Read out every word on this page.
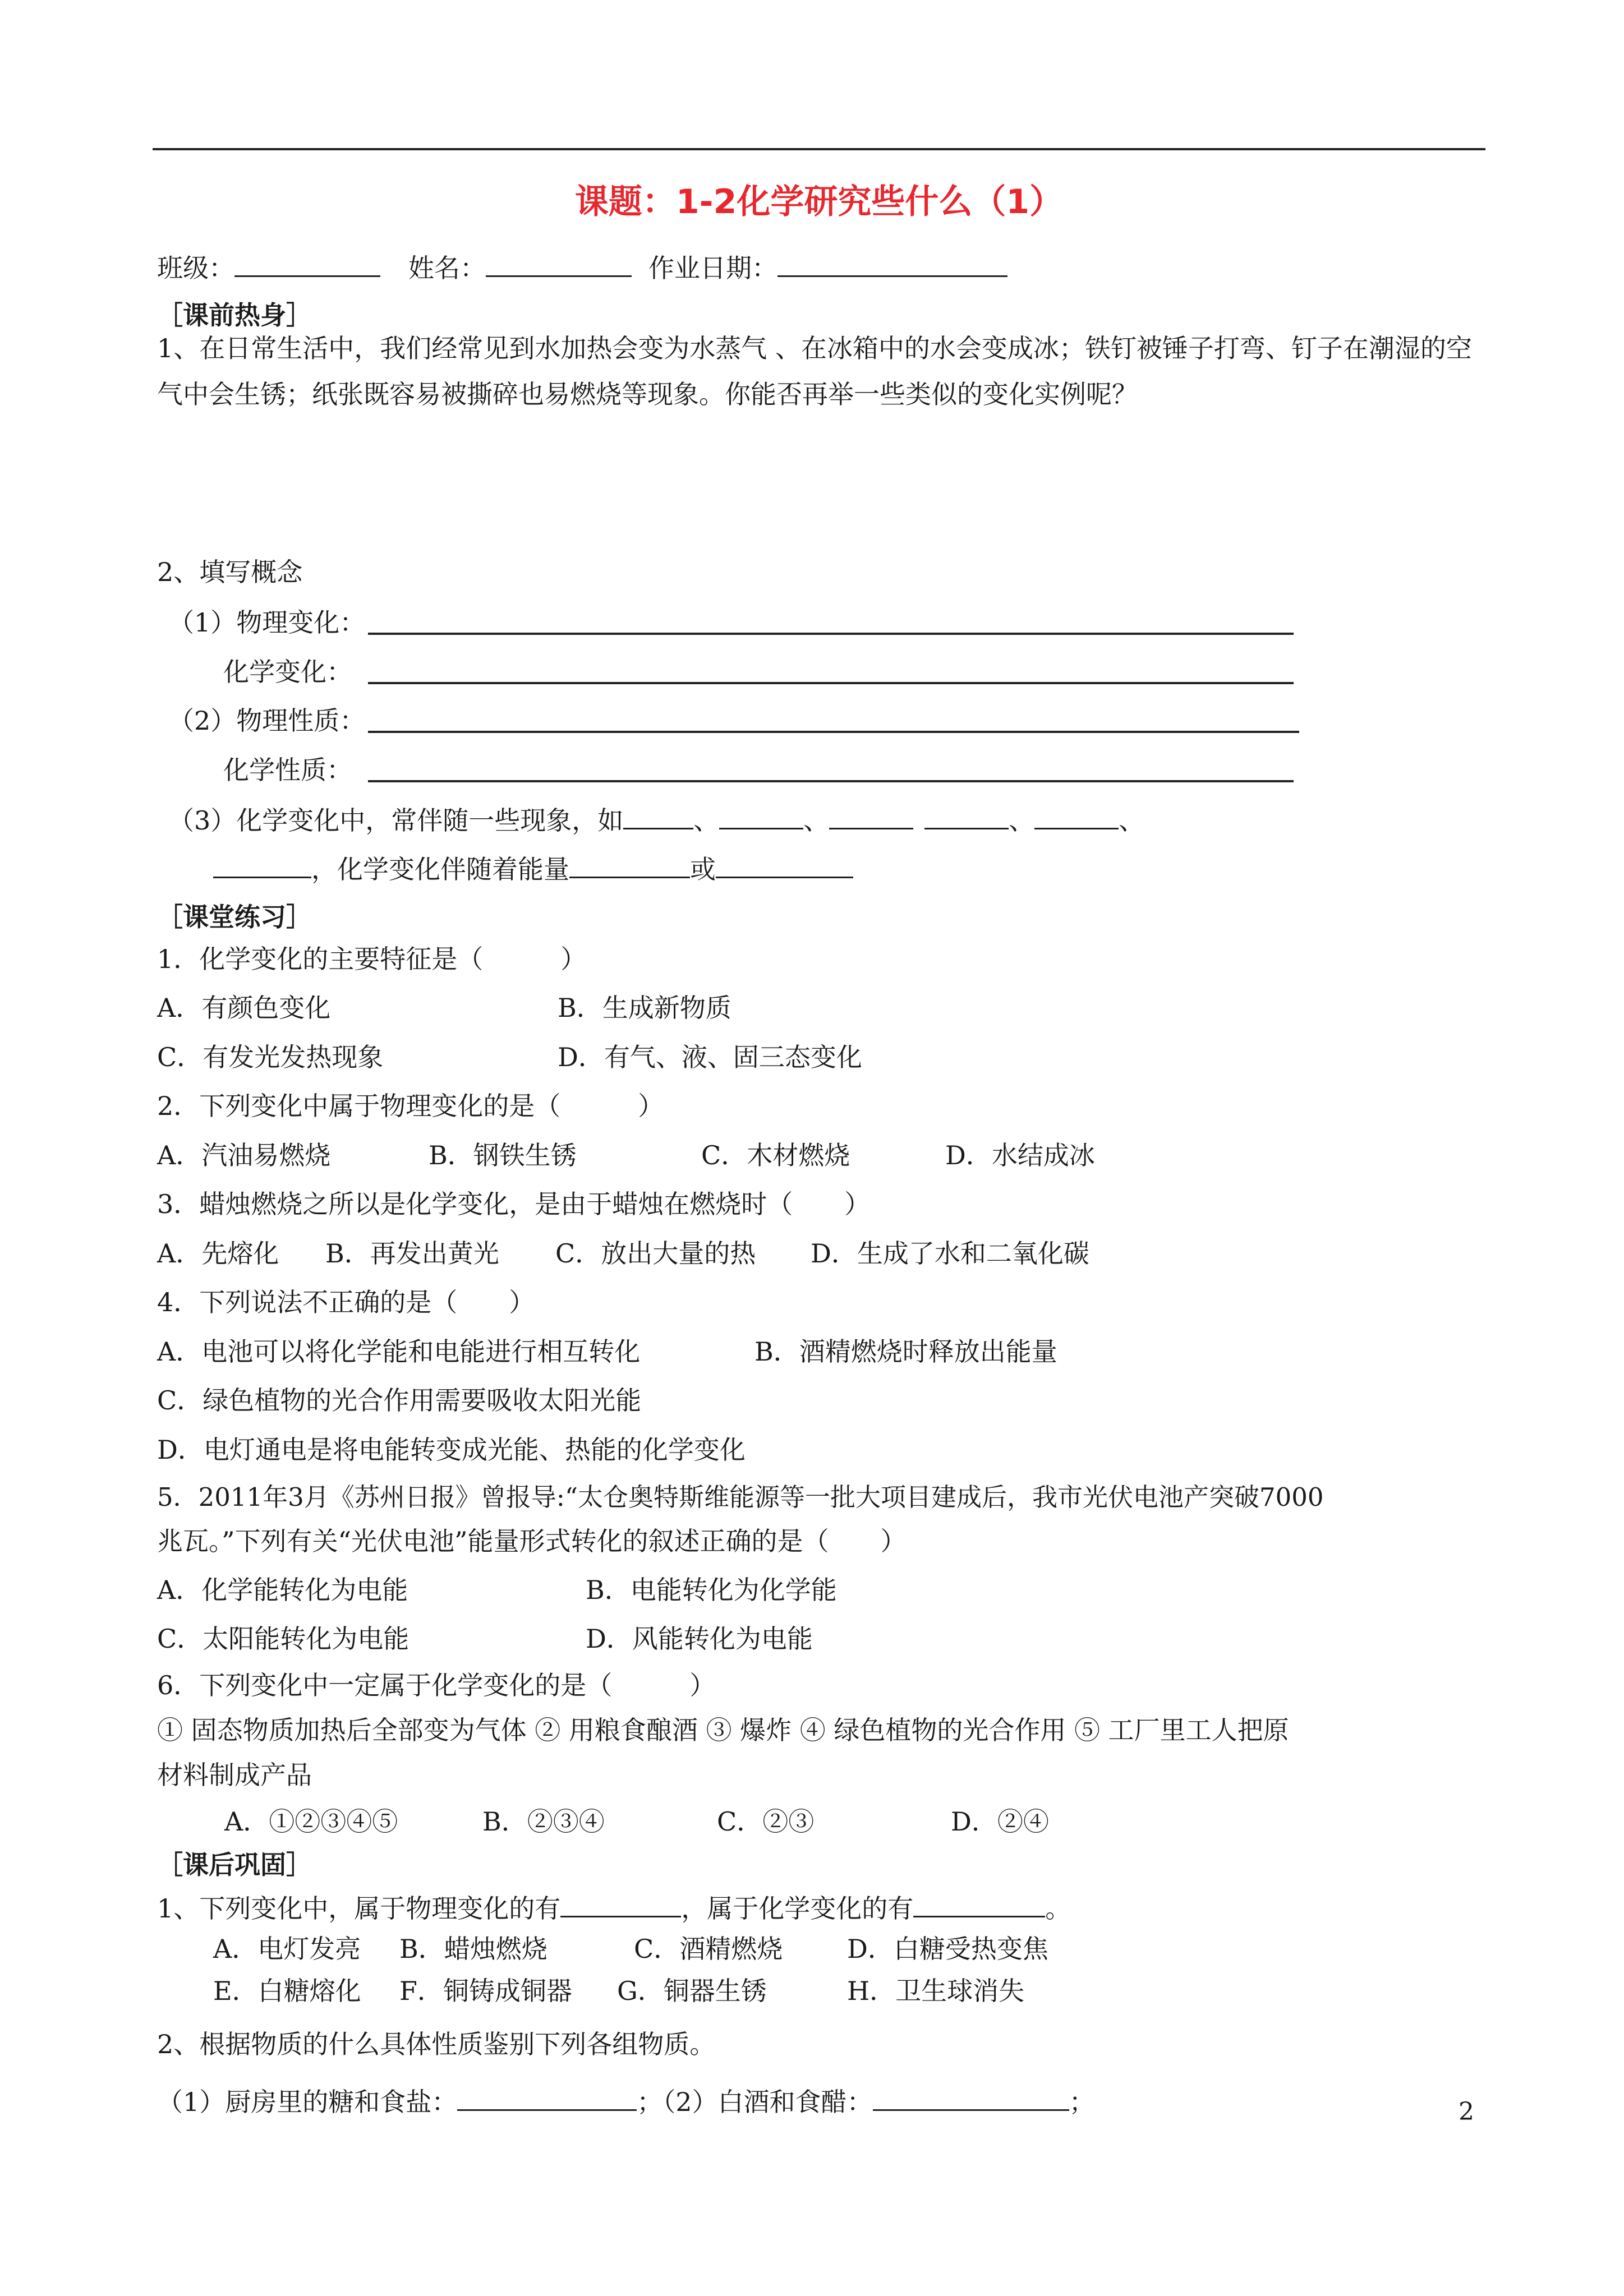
课题：1-2化学研究些什么（1）
班级：	姓名：	作业日期：
［课前热身］
1、在日常生活中，我们经常见到水加热会变为水蒸气 、在冰箱中的水会变成冰；铁钉被锤子打弯、钉子在潮湿的空气中会生锈；纸张既容易被撕碎也易燃烧等现象。你能否再举一些类似的变化实例呢？
2、填写概念
（1）物理变化：
化学变化：
（2）物理性质：
化学性质：
（3）化学变化中，常伴随一些现象，如	、	、	、	、
，化学变化伴随着能量	或
［课堂练习］
1．化学变化的主要特征是（　　　）
A．有颜色变化	B．生成新物质
C．有发光发热现象	D．有气、液、固三态变化
2．下列变化中属于物理变化的是（　　　）
A．汽油易燃烧	B．钢铁生锈	C．木材燃烧	D．水结成冰
3．蜡烛燃烧之所以是化学变化，是由于蜡烛在燃烧时（　　）
A．先熔化 B．再发出黄光 C．放出大量的热 D．生成了水和二氧化碳
4．下列说法不正确的是（　　）
A．电池可以将化学能和电能进行相互转化	B．酒精燃烧时释放出能量
C．绿色植物的光合作用需要吸收太阳光能
D．电灯通电是将电能转变成光能、热能的化学变化
5．2011年3月《苏州日报》曾报导:“太仓奥特斯维能源等一批大项目建成后，我市光伏电池产突破7000
兆瓦。”下列有关“光伏电池”能量形式转化的叙述正确的是（　　）
A．化学能转化为电能	B．电能转化为化学能
C．太阳能转化为电能	D．风能转化为电能
6．下列变化中一定属于化学变化的是（　　　）
① 固态物质加热后全部变为气体 ② 用粮食酿酒 ③ 爆炸 ④ 绿色植物的光合作用 ⑤ 工厂里工人把原
材料制成产品
A．①②③④⑤	B．②③④	C．②③	D．②④
［课后巩固］
1、下列变化中，属于物理变化的有	，属于化学变化的有	。
A．电灯发亮 B．蜡烛燃烧	C．酒精燃烧 D．白糖受热变焦
E．白糖熔化 F．铜铸成铜器 G．铜器生锈	H．卫生球消失
2、根据物质的什么具体性质鉴别下列各组物质。
（1）厨房里的糖和食盐：	；（2）白酒和食醋：	；	2
